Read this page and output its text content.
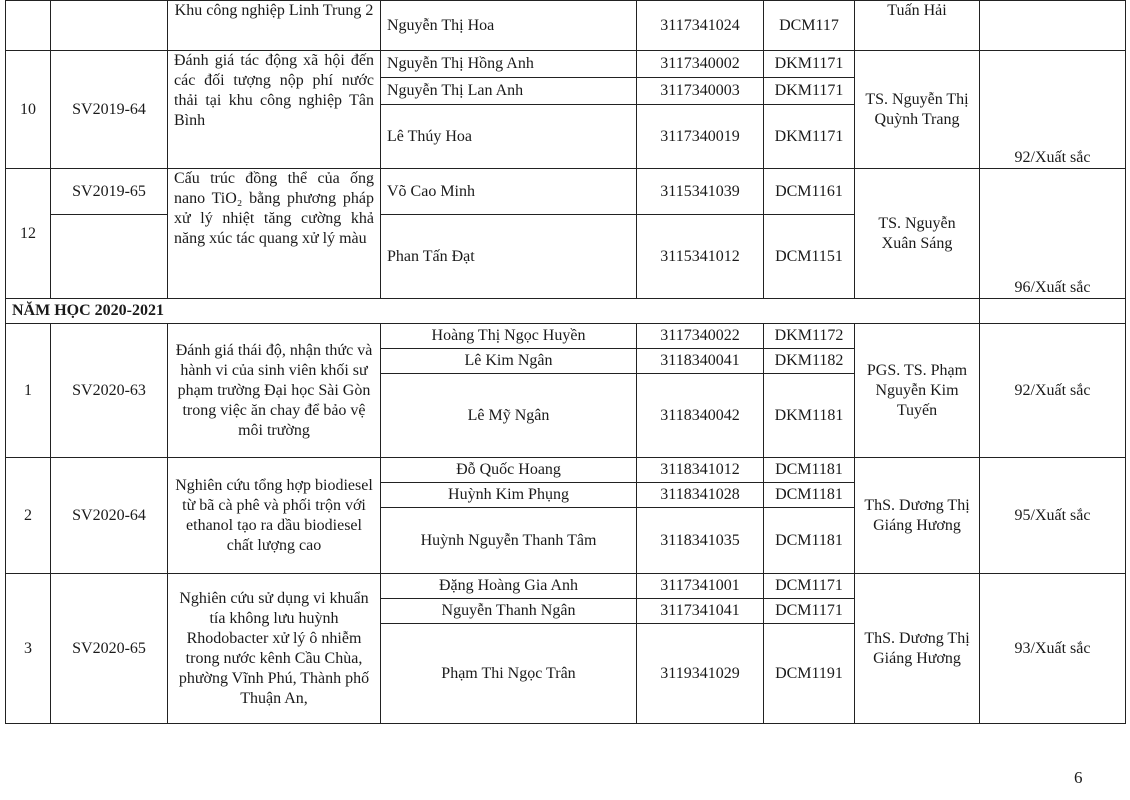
		Khu công nghiệp Linh Trung 2	Nguyễn Thị Hoa	3117341024	DCM117	Tuấn Hải	
10	SV2019-64	Đánh giá tác động xã hội đến các đối tượng nộp phí nước thải tại khu công nghiệp Tân Bình	Nguyễn Thị Hồng Anh	3117340002	DKM1171	TS. Nguyễn Thị Quỳnh Trang	92/Xuất sắc
			Nguyễn Thị Lan Anh	3117340003	DKM1171		
			Lê Thúy Hoa	3117340019	DKM1171		
12	SV2019-65	Cấu trúc đồng thể của ống nano TiO₂ bằng phương pháp xử lý nhiệt tăng cường khả năng xúc tác quang xử lý màu	Võ Cao Minh	3115341039	DCM1161	TS. Nguyễn Xuân Sáng	96/Xuất sắc
			Phan Tấn Đạt	3115341012	DCM1151		
NĂM HỌC 2020-2021							
1	SV2020-63	Đánh giá thái độ, nhận thức và hành vi của sinh viên khối sư phạm trường Đại học Sài Gòn trong việc ăn chay để bảo vệ môi trường	Hoàng Thị Ngọc Huyền	3117340022	DKM1172	PGS. TS. Phạm Nguyễn Kim Tuyến	92/Xuất sắc
			Lê Kim Ngân	3118340041	DKM1182		
			Lê Mỹ Ngân	3118340042	DKM1181		
2	SV2020-64	Nghiên cứu tổng hợp biodiesel từ bã cà phê và phối trộn với ethanol tạo ra dầu biodiesel chất lượng cao	Đỗ Quốc Hoang	3118341012	DCM1181	ThS. Dương Thị Giáng Hương	95/Xuất sắc
			Huỳnh Kim Phụng	3118341028	DCM1181		
			Huỳnh Nguyễn Thanh Tâm	3118341035	DCM1181		
3	SV2020-65	Nghiên cứu sử dụng vi khuẩn tía không lưu huỳnh Rhodobacter xử lý ô nhiễm trong nước kênh Cầu Chùa, phường Vĩnh Phú, Thành phố Thuận An,	Đặng Hoàng Gia Anh	3117341001	DCM1171	ThS. Dương Thị Giáng Hương	93/Xuất sắc
			Nguyễn Thanh Ngân	3117341041	DCM1171		
			Phạm Thi Ngọc Trân	3119341029	DCM1191		
6
